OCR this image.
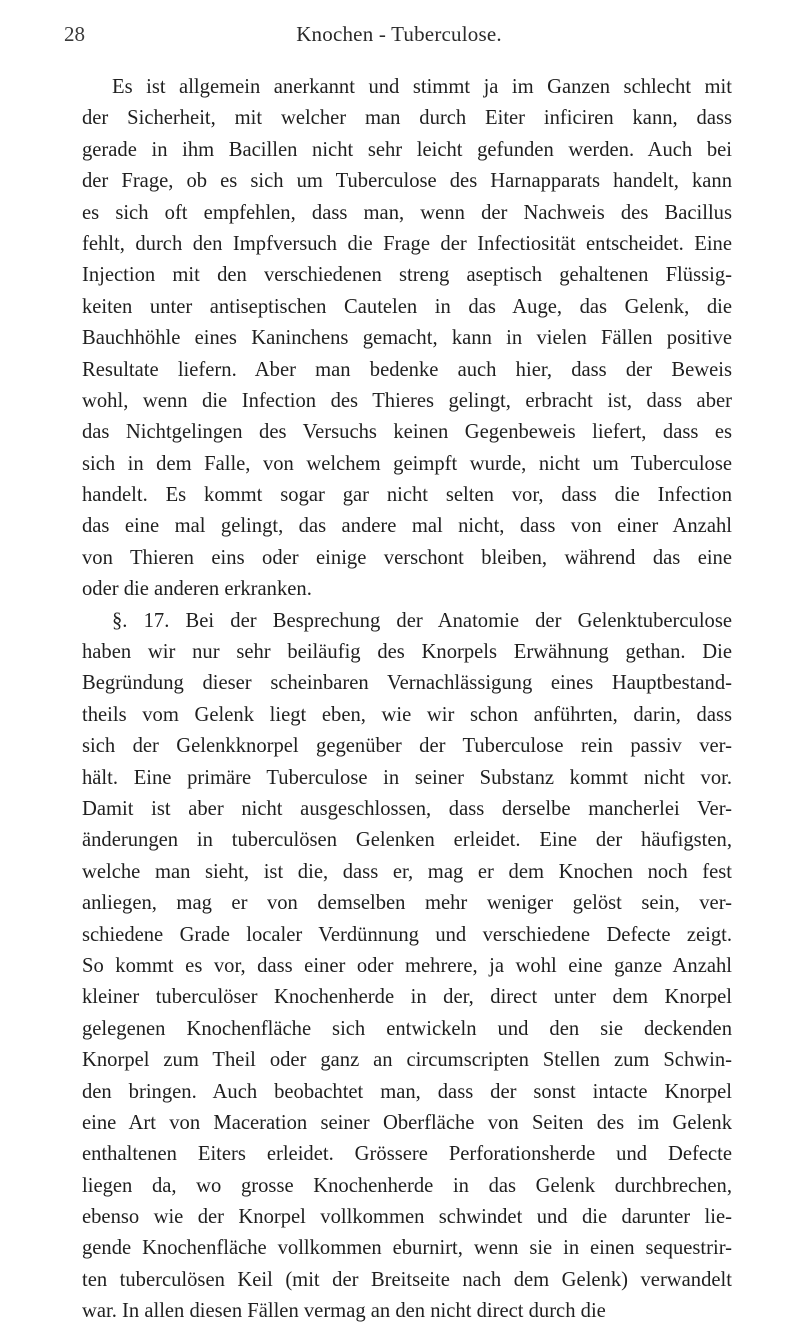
28	Knochen - Tuberculose.
Es ist allgemein anerkannt und stimmt ja im Ganzen schlecht mit
der Sicherheit, mit welcher man durch Eiter inficiren kann, dass
gerade in ihm Bacillen nicht sehr leicht gefunden werden. Auch bei
der Frage, ob es sich um Tuberculose des Harnapparats handelt, kann
es sich oft empfehlen, dass man, wenn der Nachweis des Bacillus
fehlt, durch den Impfversuch die Frage der Infectiosität entscheidet. Eine
Injection mit den verschiedenen streng aseptisch gehaltenen Flüssig-
keiten unter antiseptischen Cautelen in das Auge, das Gelenk, die
Bauchhöhle eines Kaninchens gemacht, kann in vielen Fällen positive
Resultate liefern. Aber man bedenke auch hier, dass der Beweis
wohl, wenn die Infection des Thieres gelingt, erbracht ist, dass aber
das Nichtgelingen des Versuchs keinen Gegenbeweis liefert, dass es
sich in dem Falle, von welchem geimpft wurde, nicht um Tuberculose
handelt. Es kommt sogar gar nicht selten vor, dass die Infection
das eine mal gelingt, das andere mal nicht, dass von einer Anzahl
von Thieren eins oder einige verschont bleiben, während das eine
oder die anderen erkranken.
§. 17. Bei der Besprechung der Anatomie der Gelenktuberculose
haben wir nur sehr beiläufig des Knorpels Erwähnung gethan. Die
Begründung dieser scheinbaren Vernachlässigung eines Hauptbestand-
theils vom Gelenk liegt eben, wie wir schon anführten, darin, dass
sich der Gelenkknorpel gegenüber der Tuberculose rein passiv ver-
hält. Eine primäre Tuberculose in seiner Substanz kommt nicht vor.
Damit ist aber nicht ausgeschlossen, dass derselbe mancherlei Ver-
änderungen in tuberculösen Gelenken erleidet. Eine der häufigsten,
welche man sieht, ist die, dass er, mag er dem Knochen noch fest
anliegen, mag er von demselben mehr weniger gelöst sein, ver-
schiedene Grade localer Verdünnung und verschiedene Defecte zeigt.
So kommt es vor, dass einer oder mehrere, ja wohl eine ganze Anzahl
kleiner tuberculöser Knochenherde in der, direct unter dem Knorpel
gelegenen Knochenfläche sich entwickeln und den sie deckenden
Knorpel zum Theil oder ganz an circumscripten Stellen zum Schwin-
den bringen. Auch beobachtet man, dass der sonst intacte Knorpel
eine Art von Maceration seiner Oberfläche von Seiten des im Gelenk
enthaltenen Eiters erleidet. Grössere Perforationsherde und Defecte
liegen da, wo grosse Knochenherde in das Gelenk durchbrechen,
ebenso wie der Knorpel vollkommen schwindet und die darunter lie-
gende Knochenfläche vollkommen eburnirt, wenn sie in einen sequestrir-
ten tuberculösen Keil (mit der Breitseite nach dem Gelenk) verwandelt
war. In allen diesen Fällen vermag an den nicht direct durch die
